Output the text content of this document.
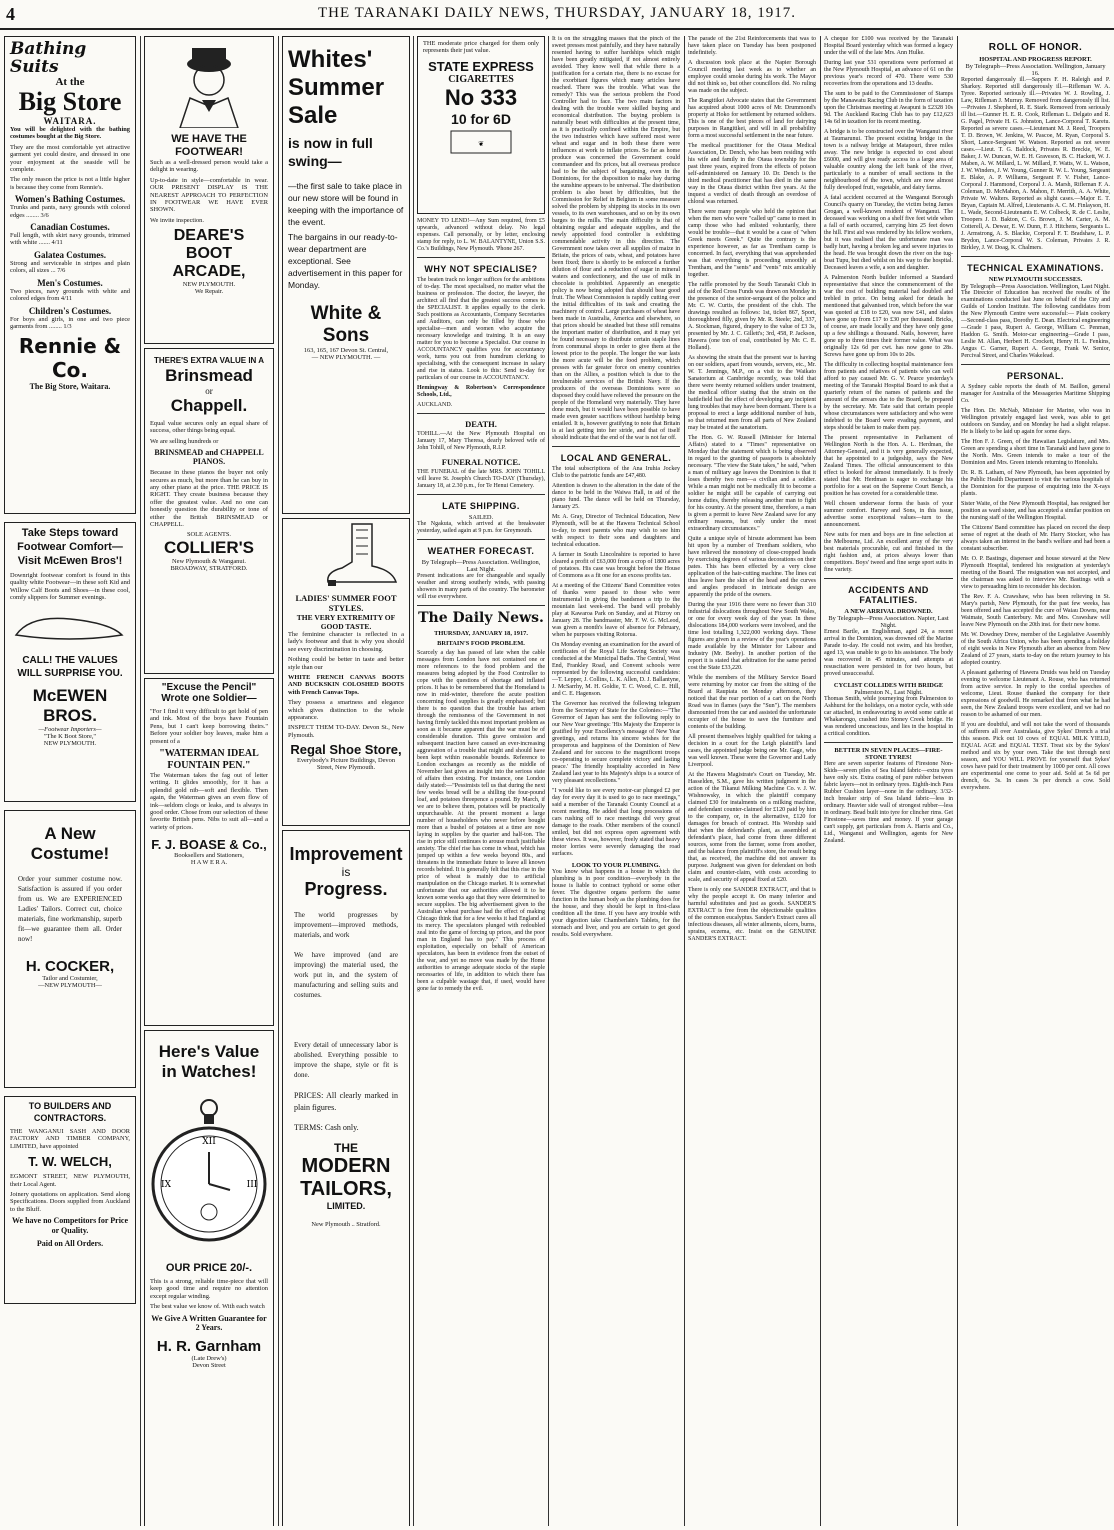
4	THE TARANAKI DAILY NEWS, THURSDAY, JANUARY 18, 1917.
Bathing Suits
At the
Big Store
WAITARA.

You will be delighted with the bathing costumes bought at the Big Store.

They are the most comfortable yet attractive garment yet could desire, and dressed in one your enjoyment at the seaside will be complete.

The only reason the price is not a little higher is because they come from Rennie's.

Women's Bathing Costumes.

Trunks and pants, navy grounds with colored edges ........ 3/6

Canadian Costumes.

Full length, with skirt navy grounds, trimmed with white ....... 4/11

Galatea Costumes.

Strong and serviceable in stripes and plain colors, all sizes ... 7/6

Men's Costumes.

Two pieces, navy grounds with white and colored edges from 4/11

Children's Costumes.

For boys and girls, in one and two piece garments from ........ 1/3

Rennie & Co.
The Big Store, Waitara.
Take Steps toward Footwear Comfort— Visit McEwen Bros'!

Downright footwear comfort is found in this quality white Footwear—in these soft Kid and Willow Calf Boots and Shoes—in these cool, comfy slippers for Summer evenings.

CALL! THE VALUES WILL SURPRISE YOU.
McEWEN BROS.
—Footwear Importers—
"The K Boot Store,"
NEW PLYMOUTH.
A New Costume!

Order your summer costume now. Satisfaction is assured if you order from us. We are EXPERIENCED Ladies' Tailors. Correct cut, choice materials, fine workmanship, superb fit—we guarantee them all. Order now!

H. COCKER,
Tailor and Costumier,
—NEW PLYMOUTH—
TO BUILDERS AND CONTRACTORS.

THE WANGANUI SASH AND DOOR FACTORY AND TIMBER COMPANY, LIMITED, have appointed

T. W. WELCH,

EGMONT STREET, NEW PLYMOUTH, their Local Agent.

Joinery quotations on application. Send along Specifications. Doors supplied from Auckland to the Bluff.

We have no Competitors for Price or Quality.

Paid on All Orders.

WE HAVE THE FOOTWEAR!

Such as a well-dressed person would take a delight in wearing.

Up-to-date in style—comfortable in wear. OUR PRESENT DISPLAY IS THE NEAREST APPROACH TO PERFECTION IN FOOTWEAR WE HAVE EVER SHOWN.

We invite inspection.

DEARE'S BOOT ARCADE,
NEW PLYMOUTH.
We Repair.
THERE'S EXTRA VALUE IN A
Brinsmead
or
Chappell.

Equal value secures only an equal share of success, other things being equal.

We are selling hundreds or

BRINSMEAD and CHAPPELL PIANOS.

Because in these pianos the buyer not only secures as much, but more than he can buy in any other piano at the price. THE PRICE IS RIGHT. They create business because they offer the greatest value. And no one can honestly question the durability or tone of either the British BRINSMEAD or CHAPPELL.

SOLE AGENTS.
COLLIER'S
New Plymouth & Wanganui.
BROADWAY, STRATFORD.
"Excuse the Pencil"
Wrote one Soldier—

"For I find it very difficult to get hold of pen and ink. Most of the boys have Fountain Pens, but I can't keep borrowing theirs." Before your soldier boy leaves, make him a present of a

"WATERMAN IDEAL FOUNTAIN PEN."

The Waterman takes the fag out of letter writing. It glides smoothly, for it has a splendid gold nib—soft and flexible. Then again, the Waterman gives an even flow of ink—seldom clogs or leaks, and is always in good order. Chose from our selection of these favorite British pens. Nibs to suit all—and a variety of prices.

F. J. BOASE & Co.,
Booksellers and Stationers,
H A W E R A.
Here's Value in Watches!
XII
III
IX
OUR PRICE 20/-.

This is a strong, reliable time-piece that will keep good time and require no attention except regular winding.

The best value we know of. With each watch

We Give A Written Guarantee for 2 Years.

H. R. Garnham
(Late Drew's)
Devon Street
Whites'
Summer
Sale
is now in full
swing—

—the first sale to take place in our new store will be found in keeping with the importance of the event.

The bargains in our ready-to-wear department are exceptional. See advertisement in this paper for Monday.

White & Sons
163, 165, 167 Devon St. Central,
— NEW PLYMOUTH. —
LADIES' SUMMER FOOT STYLES.
THE VERY EXTREMITY OF GOOD TASTE.

The feminine character is reflected in a lady's footwear and that is why you should see every discrimination in choosing.

Nothing could be better in taste and better style than our

WHITE FRENCH CANVAS BOOTS AND BUCKSKIN COLOSHED BOOTS with French Canvas Tops.

They possess a smartness and elegance which gives distinction to the whole appearance.

INSPECT THEM TO-DAY. Devon St., New Plymouth.

Regal Shoe Store,
Everybody's Picture Buildings, Devon Street, New Plymouth.
Improvement
is
Progress.

The world progresses by improvement—improved methods, materials, and work

We have improved (and are improving) the material used, the work put in, and the system of manufacturing and selling suits and costumes.

Every detail of unnecessary labor is abolished. Everything possible to improve the shape, style or fit is done.

PRICES: All clearly marked in plain figures.

TERMS: Cash only.

THE
MODERN
TAILORS,
LIMITED.
New Plymouth .. Stratford.

THE moderate price charged for them only represents their just value.

STATE EXPRESS
CIGARETTES
No 333
10 for 6D
❦

MONEY TO LEND!—Any Sum required, from £5 upwards, advanced without delay. No legal expenses. Call personally, or by letter, enclosing stamp for reply, to L. W. BALANTYNE, Union S.S. Co.'s Buildings, New Plymouth. 'Phone 267.

WHY NOT SPECIALISE?

The beaten track no longer suffices for the ambitions of to-day. The most specialised, no matter what the business or profession. The doctor, the lawyer, the architect all find that the greatest success comes to the SPECIALIST. It applies equally to the clerk. Such positions as Accountants, Company Secretaries and Auditors, can only be filled by those who specialise—men and women who acquire the necessary knowledge and training. It is an easy matter for you to become a Specialist. Our course in ACCOUNTANCY qualifies you for accountancy work, turns you out from humdrum clerking to specialising, with the consequent increase in salary and rise in status. Look to this: Send to-day for particulars of our course in ACCOUNTANCY.

Hemingway & Robertson's Correspondence Schools, Ltd.,

AUCKLAND.

DEATH.

TOHILL.—At the New Plymouth Hospital on January 17, Mary Theresa, dearly beloved wife of John Tohill, of New Plymouth, R.I.P.

FUNERAL NOTICE.

THE FUNERAL of the late MRS. JOHN TOHILL will leave St. Joseph's Church TO-DAY (Thursday), January 18, at 2.30 p.m., for Te Henui Cemetery.

LATE SHIPPING.
SAILED.

The Ngakuta, which arrived at the breakwater yesterday, sailed again at 9 p.m. for Greymouth.

WEATHER FORECAST.
By Telegraph—Press Association. Wellington, Last Night.

Present indications are for changeable and squally weather and strong southerly winds, with passing showers in many parts of the country. The barometer will rise everywhere.

The Daily News.
THURSDAY, JANUARY 18, 1917.
BRITAIN'S FOOD PROBLEM.

Scarcely a day has passed of late when the cable messages from London have not contained one or more references to the food problem and the measures being adopted by the Food Controller to cope with the questions of shortage and inflated prices. It has to be remembered that the Homeland is now in mid-winter, therefore the acute position concerning food supplies is greatly emphasised; but there is no question that the trouble has arisen through the remissness of the Government in not having firmly tackled this most important problem as soon as it became apparent that the war must be of considerable duration. This grave omission and subsequent inaction have caused an ever-increasing aggravation of a trouble that might and should have been kept within reasonable bounds. Reference to London exchanges as recently as the middle of November last gives an insight into the serious state of affairs then existing. For instance, one London daily stated:—"Pessimists tell us that during the next few weeks bread will be a shilling the four-pound loaf, and potatoes threepence a pound. By March, if we are to believe them, potatoes will be practically unpurchasable. At the present moment a large number of householders who never before bought more than a bushel of potatoes at a time are now laying in supplies by the quarter and half-ton. The rise in price still continues to arouse much justifiable anxiety. The chief rise has come in wheat, which has jumped up within a few weeks beyond 80s., and threatens in the immediate future to leave all known records behind. It is generally felt that this rise in the price of wheat is mainly due to artificial manipulation on the Chicago market. It is somewhat unfortunate that our authorities allowed it to be known some weeks ago that they were determined to secure supplies. The big advertisement given to the Australian wheat purchase had the effect of making Chicago think that for a few weeks it had England at its mercy. The speculators plunged with redoubled zeal into the game of forcing up prices, and the poor man in England has to pay." This process of exploitation, especially on behalf of American speculators, has been in evidence from the outset of the war, and yet no move was made by the Home authorities to arrange adequate stocks of the staple necessaries of life, in addition to which there has been a culpable wastage that, if used, would have gone far to remedy the evil.

It is on the struggling masses that the pinch of the sweet presses most painfully, and they have naturally resented having to suffer hardships which might have been greatly mitigated, if not almost entirely avoided. They know well that while there is a justification for a certain rise, there is no excuse for the exorbitant figures which many articles have reached. There was the trouble. What was the remedy? This was the serious problem the Food Controller had to face. The two main factors in dealing with the trouble were skilled buying and economical distribution. The buying problem is naturally beset with difficulties at the present time, as it is practically confined within the Empire, but the two industries which have suffered most were wheat and sugar and in both these there were influences at work to inflate prices. So far as home produce was concerned the Government could commandeer and fix prices, but all overseas produce had to be the subject of bargaining, even in the Dominions, for the disposition to make hay during the sunshine appears to be universal. The distribution problem is also beset by difficulties, but the Commission for Relief in Belgium in some measure solved the problem by shipping its stocks in its own vessels, to its own warehouses, and so on by its own barges to the mills. The main difficulty is that of obtaining regular and adequate supplies, and the newly appointed food controller is exhibiting commendable activity in this direction. The Government now takes over all supplies of maize in Britain, the prices of oats, wheat, and potatoes have been fixed; there is shortly to be enforced a further dilution of flour and a reduction of sugar in mineral waters and confectionery, and the use of milk in chocolate is prohibited. Apparently an energetic policy is now being adopted that should bear good fruit. The Wheat Commission is rapidly cutting over the initial difficulties of its task and creating the machinery of control. Large purchases of wheat have been made in Australia, America and elsewhere, so that prices should be steadied but these still remains the important matter of distribution, and it may yet be found necessary to distribute certain staple lines from communal shops in order to give them at the lowest price to the people. The longer the war lasts the more acute will be the food problem, which presses with far greater force on enemy countries than on the Allies, a position which is due to the invulnerable services of the British Navy. If the producers of the overseas Dominions were so disposed they could have relieved the pressure on the people of the Homeland very materially. They have done much, but it would have been possible to have made even greater sacrifices without hardship being entailed. It is, however gratifying to note that Britain is at last getting into her stride, and that of itself should indicate that the end of the war is not far off.

LOCAL AND GENERAL.

The total subscriptions of the Ana Iruhia Jockey Club to the patriotic funds are £47,480.

Attention is drawn to the alteration in the date of the dance to be held in the Waiwa Hall, in aid of the piano fund. The dance will be held on Thursday, January 25.

Mr. A. Gray, Director of Technical Education, New Plymouth, will be at the Hawera Technical School to-day, to meet parents who may wish to see him with respect to their sons and daughters and technical education.

A farmer in South Lincolnshire is reported to have cleared a profit of £63,000 from a crop of 1800 acres of potatoes. His case was brought before the House of Commons as a fit one for an excess profits tax.

At a meeting of the Citizens' Band Committee votes of thanks were passed to those who were instrumental in giving the bandsmen a trip to the mountain last week-end. The band will probably play at Kawaroa Park on Sunday, and at Fitzroy on January 28. The bandmaster, Mr. F. W. G. McLeod, was given a month's leave of absence for February, when he purposes visiting Rotorua.

On Monday evening an examination for the award of certificates of the Royal Life Saving Society was conducted at the Municipal Baths. The Central, West End, Frankley Road, and Convent schools were represented by the following successful candidates:—T. Lepper, J. Collins, L. K. Allen, D. J. Ballantyne, J. McSarrhy, M. H. Goldie, T. C. Wood, C. E. Hill, and C. E. Hagenson.

The Governor has received the following telegram from the Secretary of State for the Colonies:—"The Governor of Japan has sent the following reply to our New Year greetings: 'His Majesty the Emperor is gratified by your Excellency's message of New Year greetings, and returns his sincere wishes for the prosperous and happiness of the Dominion of New Zealand and for success to the magnificent troops co-operating to secure complete victory and lasting peace.' The friendly hospitality accorded in New Zealand last year to his Majesty's ships is a source of very pleasant recollections."

"I would like to see every motor-car plunged £2 per day for every day it is used to go to race meetings," said a member of the Taranaki County Council at a recent meeting. He added that long processions of cars rushing off to race meetings did very great damage to the roads. Other members of the council smiled, but did not express open agreement with these views. It was, however, freely stated that heavy motor lorries were severely damaging the road surfaces.

LOOK TO YOUR PLUMBING.

You know what happens in a house in which the plumbing is in poor condition—everybody in the house is liable to contract typhoid or some other fever. The digestive organs perform the same function in the human body as the plumbing does for the house, and they should be kept in first-class condition all the time. If you have any trouble with your digestion take Chamberlain's Tablets, for the stomach and liver, and you are certain to get good results. Sold everywhere.

The parade of the 21st Reinforcements that was to have taken place on Tuesday has been postponed indefinitely.

A discussion took place at the Napier Borough Council meeting last week as to whether an employee could smoke during his work. The Mayor did not think so, but other councillors did. No ruling was made on the subject.

The Rangitikei Advocate states that the Government has acquired about 1000 acres of Mr. Drummond's property at Hoko for settlement by returned soldiers. This is one of the best pieces of land for dairying purposes in Rangitikei, and will in all probability form a most successful settlement in the near future.

The medical practitioner for the Otaua Medical Association, Dr. Dench, who has been residing with his wife and family in the Otaua township for the past three years, expired from the effects of poison self-administered on January 10. Dr. Dench is the third medical practitioner that has died in the same way in the Otaua district within five years. At the inquest a verdict of death through an overdose of chloral was returned.

There were many people who held the opinion that when the men who were "called up" came to meet in camp those who had enlisted voluntarily, there would be trouble—that it would be a case of "when Greek meets Greek." Quite the contrary is the experience however, as far as Trentham camp is concerned. In fact, everything that was apprehended was that everything is proceeding smoothly at Trentham, and the "sents" and "vents" mix amicably together.

The raffle promoted by the South Taranaki Club in aid of the Red Cross Funds was drawn on Monday in the presence of the senior-sergeant of the police and Mr. C. W. Curtis, the president of the club. The drawings resulted as follows: 1st, ticket 867, Sport, thoroughbred filly, given by Mr. R. Steele; 2nd, 337, A. Stockman, figured, drapery to the value of £3 3s, presented by Mr. J. C. Gillett's; 3rd, 458, P. Jackson, Hawera (one ton of coal, contributed by Mr. C. E. Holland).

As showing the strain that the present war is having on our soldiers, apart from wounds, servers, etc., Mr. W. T. Jennings, M.P., on a visit to the Waikato Sanatorium at Cambridge recently, was told that there were twenty returned soldiers under treatment, the medical officer stating that the strain on the battlefield had the effect of developing any incipient lung troubles that may have been dormant. There is a proposal to erect a large additional number of huts, so that returned men from all parts of New Zealand may be treated at the sanatorium.

The Hon. G. W. Russell (Minister for Internal Affairs) stated to a "Times" representative on Monday that the statement which is being observed in regard to the granting of passports is absolutely necessary. "The view the State takes," he said, "when a man of military age leaves the Dominion is that it loses thereby two men—a civilian and a soldier. While a man might not be medically fit to become a soldier he might still be capable of carrying out home duties, thereby releasing another man to fight for his country. At the present time, therefore, a man is given a permit to leave New Zealand save for any ordinary reasons, but only under the most extraordinary circumstances."

Quite a unique style of hirsute adornment has been hit upon by a number of Trentham soldiers, who have relieved the monotony of close-cropped heads by exercising degrees of various decorations on their pates. This has been effected by a very close application of the hair-cutting machine. The lines cut thus leave bare the skin of the head and the curves and angles produced in intricate design are apparently the pride of the owners.

During the year 1916 there were no fewer than 310 industrial dislocations throughout New South Wales, or one for every week day of the year. In these dislocations 184,000 workers were involved, and the time lost totalling 1,322,000 working days. These figures are given in a review of the year's operations made available by the Minister for Labour and Industry (Mr. Beeby). In another portion of the report it is stated that arbitration for the same period cost the State £33,220.

While the members of the Military Service Board were returning by motor car from the sitting of the Board at Raupiata on Monday afternoon, they noticed that the rear portion of a cart on the North Road was in flames (says the "Sun"). The members dismounted from the car and assisted the unfortunate occupier of the house to save the furniture and contents of the building.

All present themselves highly qualified for taking a decision in a court for the Leigh plaintiff's land cases, the appointed judge being one Mr. Gage, who was well known. These were the Governor and Lady Liverpool.

At the Hawera Magistrate's Court on Tuesday, Mr. Hasselden, S.M., gave his written judgment in the action of the Tikanui Milking Machine Co. v. J. W. Wishnowsky, in which the plaintiff company claimed £30 for instalments on a milking machine, and defendant counter-claimed for £120 paid by him to the company, or, in the alternative, £120 for damages for breach of contract. His Worship said that when the defendant's plant, as assembled at defendant's place, had come from three different sources, some from the farmer, some from another, and the balance from plaintiff's store, the result being that, as received, the machine did not answer its purpose. Judgment was given for defendant on both claim and counter-claim, with costs according to scale, and security of appeal fixed at £20.

There is only one SANDER EXTRACT, and that is why the people accept it. On many inferior and harmful substitutes and just as goods. SANDER'S EXTRACT is free from the objectionable qualities of the common eucalyptus. Sander's Extract cures all infectious diseases, all winter ailments, ulcers, burns, sprains, eczema, etc. Insist on the GENUINE SANDER'S EXTRACT.

A cheque for £100 was received by the Taranaki Hospital Board yesterday which was formed a legacy under the will of the late Mrs. Ann Hulke.

During last year 531 operations were performed at the New Plymouth Hospital, an advance of 61 on the previous year's record of 470. There were 530 recoveries from the operations and 13 deaths.

The sum to be paid to the Commissioner of Stamps by the Manawatu Racing Club in the form of taxation upon the Christmas meeting at Awapuni is £2328 10s 9d. The Auckland Racing Club has to pay £12,623 14s 6d in taxation for its recent meeting.

A bridge is to be constructed over the Wanganui river at Taumarunui. The present existing bridge in the town is a railway bridge at Matapouri, three miles away. The new bridge is expected to cost about £6000, and will give ready access to a large area of valuable country along the left bank of the river, particularly to a number of small sections in the neighbourhood of the town, which are now almost fully developed fruit, vegetable, and dairy farms.

A fatal accident occurred at the Wanganui Borough Council's quarry on Tuesday, the victim being James Grogan, a well-known resident of Wanganui. The deceased was working on a shelf five feet wide when a fall of earth occurred, carrying him 25 feet down the hill. First aid was rendered by his fellow workers, but it was realised that the unfortunate man was badly hurt, having a broken leg and severe injuries to the head. He was brought down the river on the tug-boat Tupu, but died whilst on his way to the hospital. Deceased leaves a wife, a son and daughter.

A Palmerston North builder informed a Standard representative that since the commencement of the war the cost of building material had doubled and trebled in price. On being asked for details he mentioned that galvanised iron, which before the war was quoted at £18 to £20, was now £41, and slates have gone up from £17 to £30 per thousand. Bricks, of course, are made locally and they have only gone up a few shillings a thousand. Nails, however, have gone up to three times their former value. What was originally 12s 6d per cwt. has now gone to 28s. Screws have gone up from 10s to 20s.

The difficulty in collecting hospital maintenance fees from patients and relatives of patients who can well afford to pay caused Mr. G. V. Pearce yesterday's meeting of the Taranaki Hospital Board to ask that a quarterly return of the names of patients and the amount of the arrears due to the Board, be prepared by the secretary. Mr. Tate said that certain people whose circumstances were satisfactory and who were indebted to the Board were evading payment, and steps should be taken to make them pay.

The present representative in Parliament of Wellington North is the Hon. A. L. Herdman, the Attorney-General, and it is very generally expected, that he appointed to a judgeship, says the New Zealand Times. The official announcement to this effect is looked for almost immediately. It is freely stated that Mr. Herdman is eager to exchange his portfolio for a seat on the Supreme Court Bench, a position he has coveted for a considerable time.

Well chosen underwear forms the basis of your summer comfort. Harvey and Sons, in this issue, advertise some exceptional values—turn to the announcement.

New suits for men and boys are in fine selection at the Melbourne, Ltd. An excellent array of the very best materials procurable, cut and finished in the right fashion and, at prices always lower than competitors. Boys' tweed and fine serge sport suits in fine variety.

ACCIDENTS AND FATALITIES.
A NEW ARRIVAL DROWNED.
By Telegraph—Press Association. Napier, Last Night.

Ernest Bartle, an Englishman, aged 24, a recent arrival in the Dominion, was drowned off the Marine Parade to-day. He could not swim, and his brother, aged 13, was unable to go to his assistance. The body was recovered in 45 minutes, and attempts at resuscitation were persisted in for two hours, but proved unsuccessful.

CYCLIST COLLIDES WITH BRIDGE
Palmerston N., Last Night.

Thomas Smith, while journeying from Palmerston to Ashhurst for the holidays, on a motor cycle, with side car attached, in endeavouring to avoid some cattle at Whakarongo, crashed into Stoney Creek bridge. He was rendered unconscious, and lies in the hospital in a critical condition.

BETTER IN SEVEN PLACES—FIRE-STONE TYRES!

Here are seven superior features of Firestone Non-Skids—seven piles of Sea Island fabric—extra tyres have only six. Extra coating of pure rubber between fabric layers—not in ordinary tyres. Eighth-inch Para Rubber Cushion layer—none in the ordinary. 3/32-inch breaker strip of Sea Island fabric—less in ordinary. Heavier side wall of strongest rubber—less in ordinary. Bead built into tyre for clincher rims. Get Firestone—saves time and money. If your garage can't supply, get particulars from A. Harris and Co., Ltd., Wanganui and Wellington, agents for New Zealand.

ROLL OF HONOR.
HOSPITAL AND PROGRESS REPORT.
By Telegraph—Press Association. Wellington, January 16.

Reported dangerously ill.—Sappers F. H. Raleigh and P. Sharkey. Reported still dangerously ill.—Rifleman W. A. Tyree. Reported seriously ill.—Privates W. J. Rowling, J. Law, Rifleman J. Murray. Removed from dangerously ill list.—Privates J. Shepherd, R. E. Stark. Removed from seriously ill list.—Gunner H. E. R. Cook, Rifleman L. Delgato and R. G. Pagel, Private H. G. Johnston, Lance-Corporal T. Karetu. Reported as severe cases.—Lieutenant M. J. Reed, Troopers T. D. Brown, W. Jenkins, W. Pascoe, M. Ryan, Corporal S. Short, Lance-Sergeant W. Watson. Reported as not severe cases.—Lieut. T. G. Baldock, Privates R. Breckie, W. E. Baker, J. W. Duncan, W. E. H. Graveson, B. C. Hackett, W. J. Maben, A. W. Millard, L. W. Millard, F. Watts, W. L. Watson, J. W. Winders, J. W. Young, Gunner R. W. L. Young, Sergeant E. Blake, A. P. Williams, Sergeant F. V. Fisher, Lance-Corporal J. Hammond, Corporal J. A. Marsh, Rifleman F. A. Coleman, D. McMahon, A. Mahon, F. Merrith, A. A. White, Private W. Walters. Reported as slight cases.—Major E. T. Bryan, Captain M. Alfred, Lieutenants A. C. M. Finlayson, H. L. Wade, Second-Lieutenants E. W. Colbeck, R. de C. Leslie, Troopers J. D. Bakton, C. G. Brown, J. M. Carter, A. M. Cotterell, A. Dewar, E. W. Dunn, F. J. Hitchens, Sergeants L. J. Armstrong, A. S. Blackie, Corporal F. T. Bradshaw, L. P. Brydon, Lance-Corporal W. S. Coleman, Privates J. R. Birkley, J. W. Doag, K. Chalmers.

TECHNICAL EXAMINATIONS.
NEW PLYMOUTH SUCCESSES.
By Telegraph—Press Association. Wellington, Last Night.

The Director of Education has received the results of the examinations conducted last June on behalf of the City and Guilds of London Institute. The following candidates from the New Plymouth Centre were successful:— Plain cookery—Second-class pass, Dorothy E. Dean. Electrical engineering—Grade I pass, Rupert A. George, William C. Penman, Haddon G. Smith. Motor-car engineering—Grade I pass, Leslie M. Allan, Herbert H. Crockett, Henry H. L. Fenkins, Angus C. Garner, Rupert A. George, Frank W. Senior, Percival Street, and Charles Wakelead.

PERSONAL.

A Sydney cable reports the death of M. Baillon, general manager for Australia of the Messageries Maritime Shipping Co.

The Hon. Dr. McNab, Minister for Marine, who was in Wellington privately engaged last week, was able to get outdoors on Sunday, and on Monday he had a slight relapse. He is likely to be laid up again for some days.

The Hon F. J. Green, of the Hawaiian Legislature, and Mrs. Green are spending a short time in Taranaki and have gone to the North. Mrs. Green intends to make a tour of the Dominion and Mrs. Green intends returning to Honolulu.

Dr. R. B. Latham, of New Plymouth, has been appointed by the Public Health Department to visit the various hospitals of the Dominion for the purpose of enquiring into the X-rays plants.

Sister Waite, of the New Plymouth Hospital, has resigned her position as ward sister, and has accepted a similar position on the nursing staff of the Wellington Hospital.

The Citizens' Band committee has placed on record the deep sense of regret at the death of Mr. Harry Stocker, who has always taken an interest in the band's welfare and had been a constant subscriber.

Mr. O. P. Bastings, dispenser and house steward at the New Plymouth Hospital, tendered his resignation at yesterday's meeting of the Board. The resignation was not accepted, and the chairman was asked to interview Mr. Bastings with a view to persuading him to reconsider his decision.

The Rev. F. A. Crawshaw, who has been relieving in St. Mary's parish, New Plymouth, for the past few weeks, has been offered and has accepted the cure of Waiau Downs, near Waimate, South Canterbury. Mr. and Mrs. Crawshaw will leave New Plymouth on the 20th inst. for their new home.

Mr. W. Dowdney Drew, member of the Legislative Assembly of the South Africa Union, who has been spending a holiday of eight weeks in New Plymouth after an absence from New Zealand of 27 years, starts to-day on the return journey to his adopted country.

A pleasant gathering of Hawera Druids was held on Tuesday evening to welcome Lieutenant A. Rouse, who has returned from active service. In reply to the cordial speeches of welcome, Lieut. Rouse thanked the company for their expressions of goodwill. He remarked that from what he had seen, the New Zealand troops were excellent, and we had no reason to be ashamed of our men.

If you are doubtful, and will not take the word of thousands of sufferers all over Australasia, give Sykes' Drench a trial this season. Pick out 10 cows of EQUAL MILK YIELD, EQUAL AGE and EQUAL TEST. Treat six by the Sykes' method and six by your own. Take the test through next season, and YOU WILL PROVE for yourself that Sykes' cows have paid for their treatment by 1000 per cent. All cows are experimental one come to your aid. Sold at 5s 6d per drench, 6s. 3s. In cases 3s per drench a cow. Sold everywhere.
